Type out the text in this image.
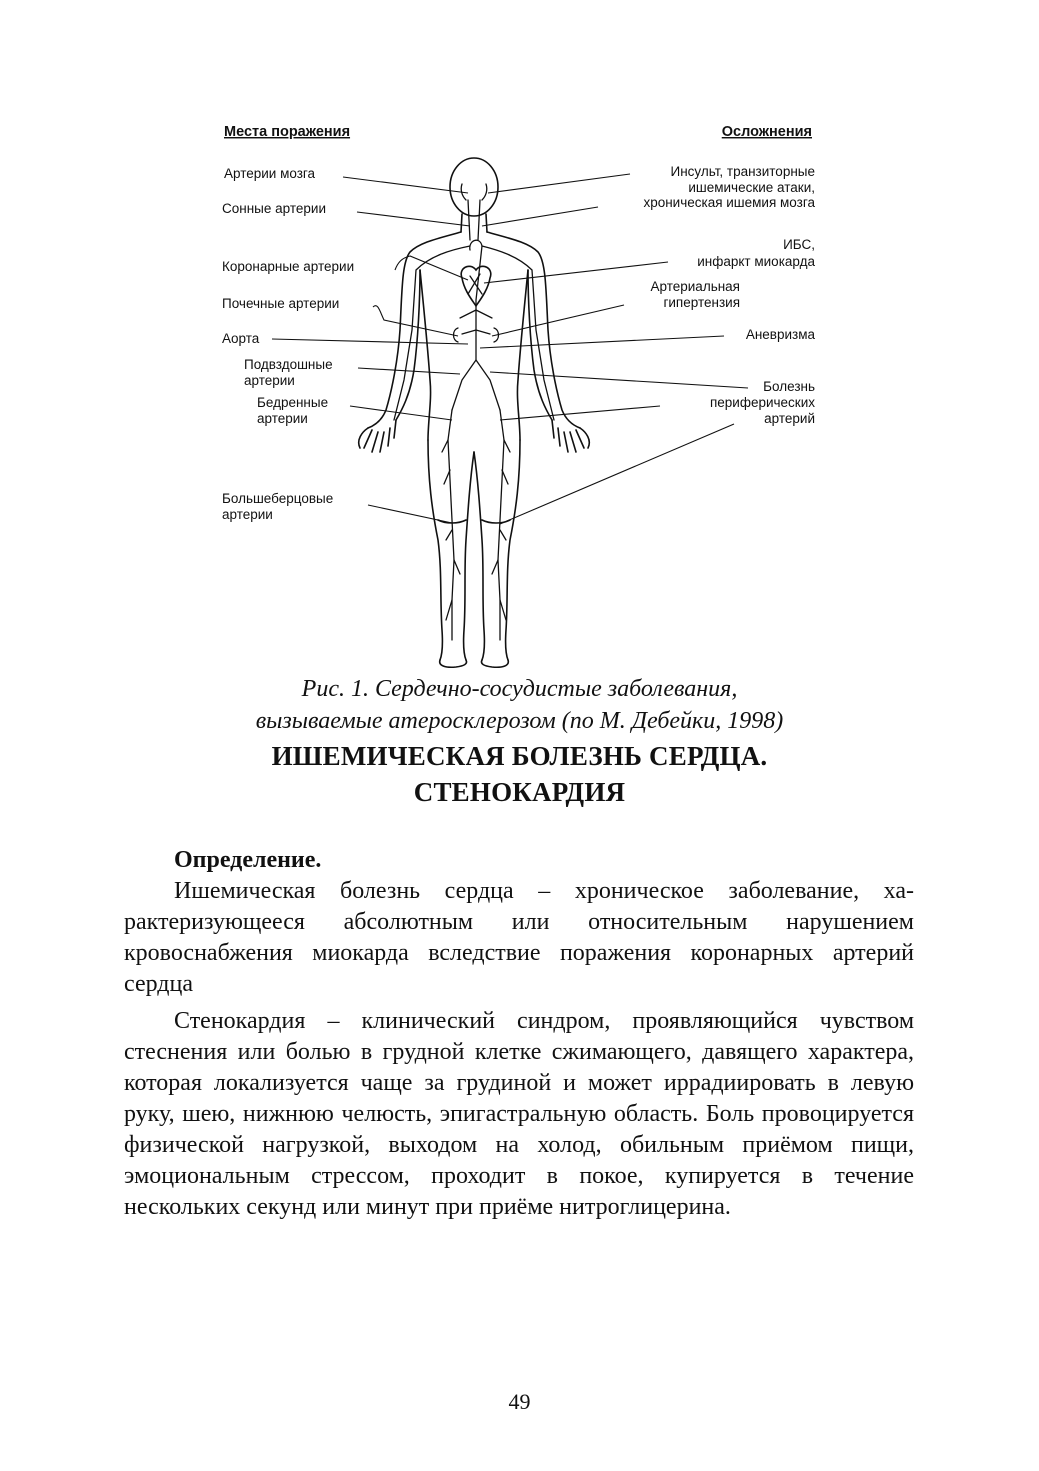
Места поражения	Осложнения
Артерии мозга
Сонные артерии
Коронарные артерии
Почечные артерии
Аорта
Подвздошные
артерии
Бедренные
артерии
Большеберцовые
артерии
Инсульт, транзиторные
ишемические атаки,
хроническая ишемия мозга
ИБС,
инфаркт миокарда
Артериальная
гипертензия
Аневризма
Болезнь
периферических
артерий
Рис. 1. Сердечно-сосудистые заболевания,
вызываемые атеросклерозом (по М. Дебейки, 1998)
ИШЕМИЧЕСКАЯ БОЛЕЗНЬ СЕРДЦА.
СТЕНОКАРДИЯ
Определение.

Ишемическая болезнь сердца – хроническое заболевание, характеризующееся абсолютным или относительным нарушением кровоснабжения миокарда вследствие поражения коронарных артерий сердца

Стенокардия – клинический синдром, проявляющийся чувством стеснения или болью в грудной клетке сжимающего, давящего характера, которая локализуется чаще за грудиной и может иррадиировать в левую руку, шею, нижнюю челюсть, эпигастральную область. Боль провоцируется физической нагрузкой, выходом на холод, обильным приёмом пищи, эмоциональным стрессом, проходит в покое, купируется в течение нескольких секунд или минут при приёме нитроглицерина.

49
